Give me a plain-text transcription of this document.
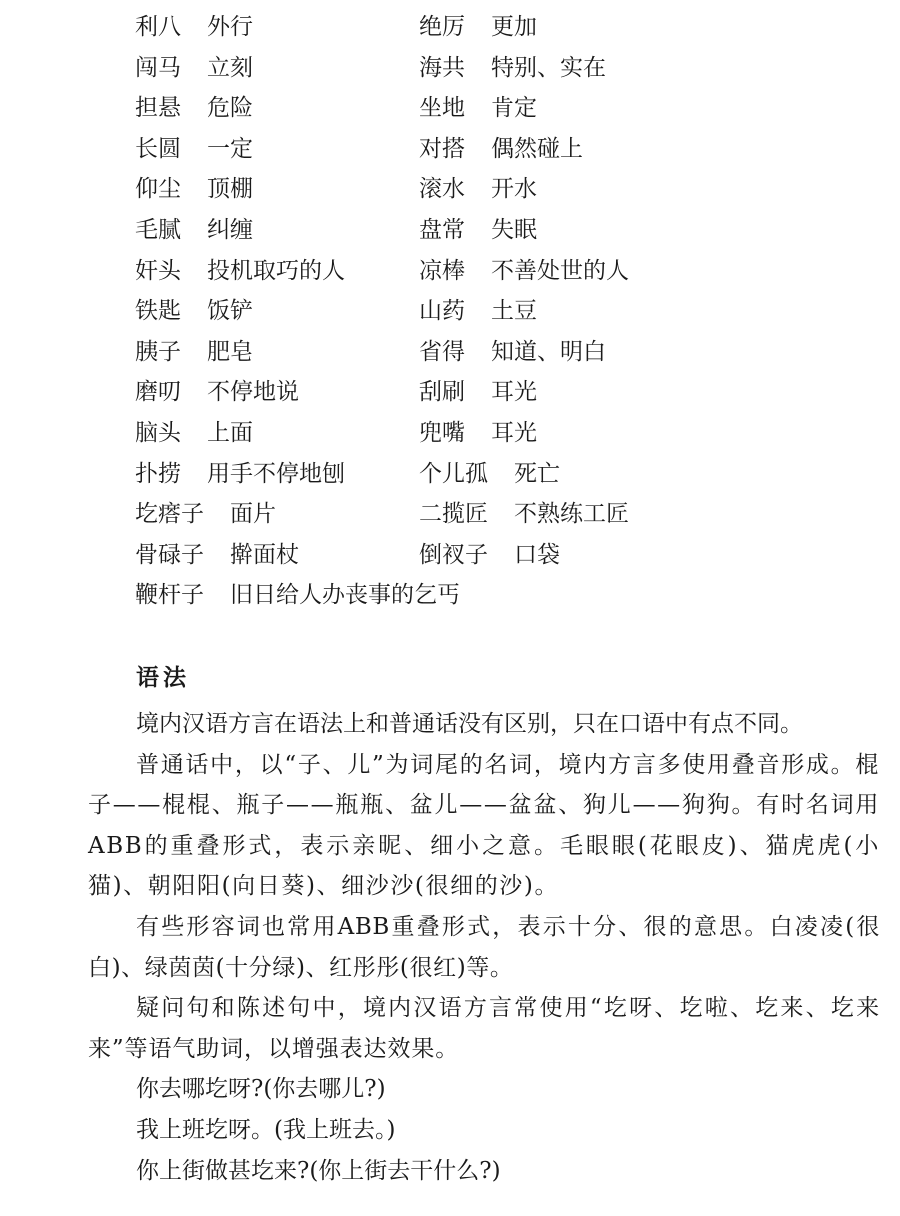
利八 外行	绝厉 更加
闯马 立刻	海共 特别、实在
担悬 危险	坐地 肯定
长圆 一定	对搭 偶然碰上
仰尘 顶棚	滚水 开水
毛腻 纠缠	盘常 失眠
奸头 投机取巧的人	凉棒 不善处世的人
铁匙 饭铲	山药 土豆
胰子 肥皂	省得 知道、明白
磨叨 不停地说	刮刷 耳光
脑头 上面	兜嘴 耳光
扑捞 用手不停地刨	个儿孤 死亡
圪瘩子 面片	二揽匠 不熟练工匠
骨碌子 擀面杖	倒衩子 口袋
鞭杆子 旧日给人办丧事的乞丐
语法

境内汉语方言在语法上和普通话没有区别，只在口语中有点不同。

普通话中，以“子、儿”为词尾的名词，境内方言多使用叠音形成。棍子——棍棍、瓶子——瓶瓶、盆儿——盆盆、狗儿——狗狗。有时名词用ABB的重叠形式，表示亲昵、细小之意。毛眼眼(花眼皮)、猫虎虎(小猫)、朝阳阳(向日葵)、细沙沙(很细的沙)。

有些形容词也常用ABB重叠形式，表示十分、很的意思。白凌凌(很白)、绿茵茵(十分绿)、红彤彤(很红)等。

疑问句和陈述句中，境内汉语方言常使用“圪呀、圪啦、圪来、圪来来”等语气助词，以增强表达效果。

你去哪圪呀?(你去哪儿?)

我上班圪呀。(我上班去。)

你上街做甚圪来?(你上街去干什么?)
